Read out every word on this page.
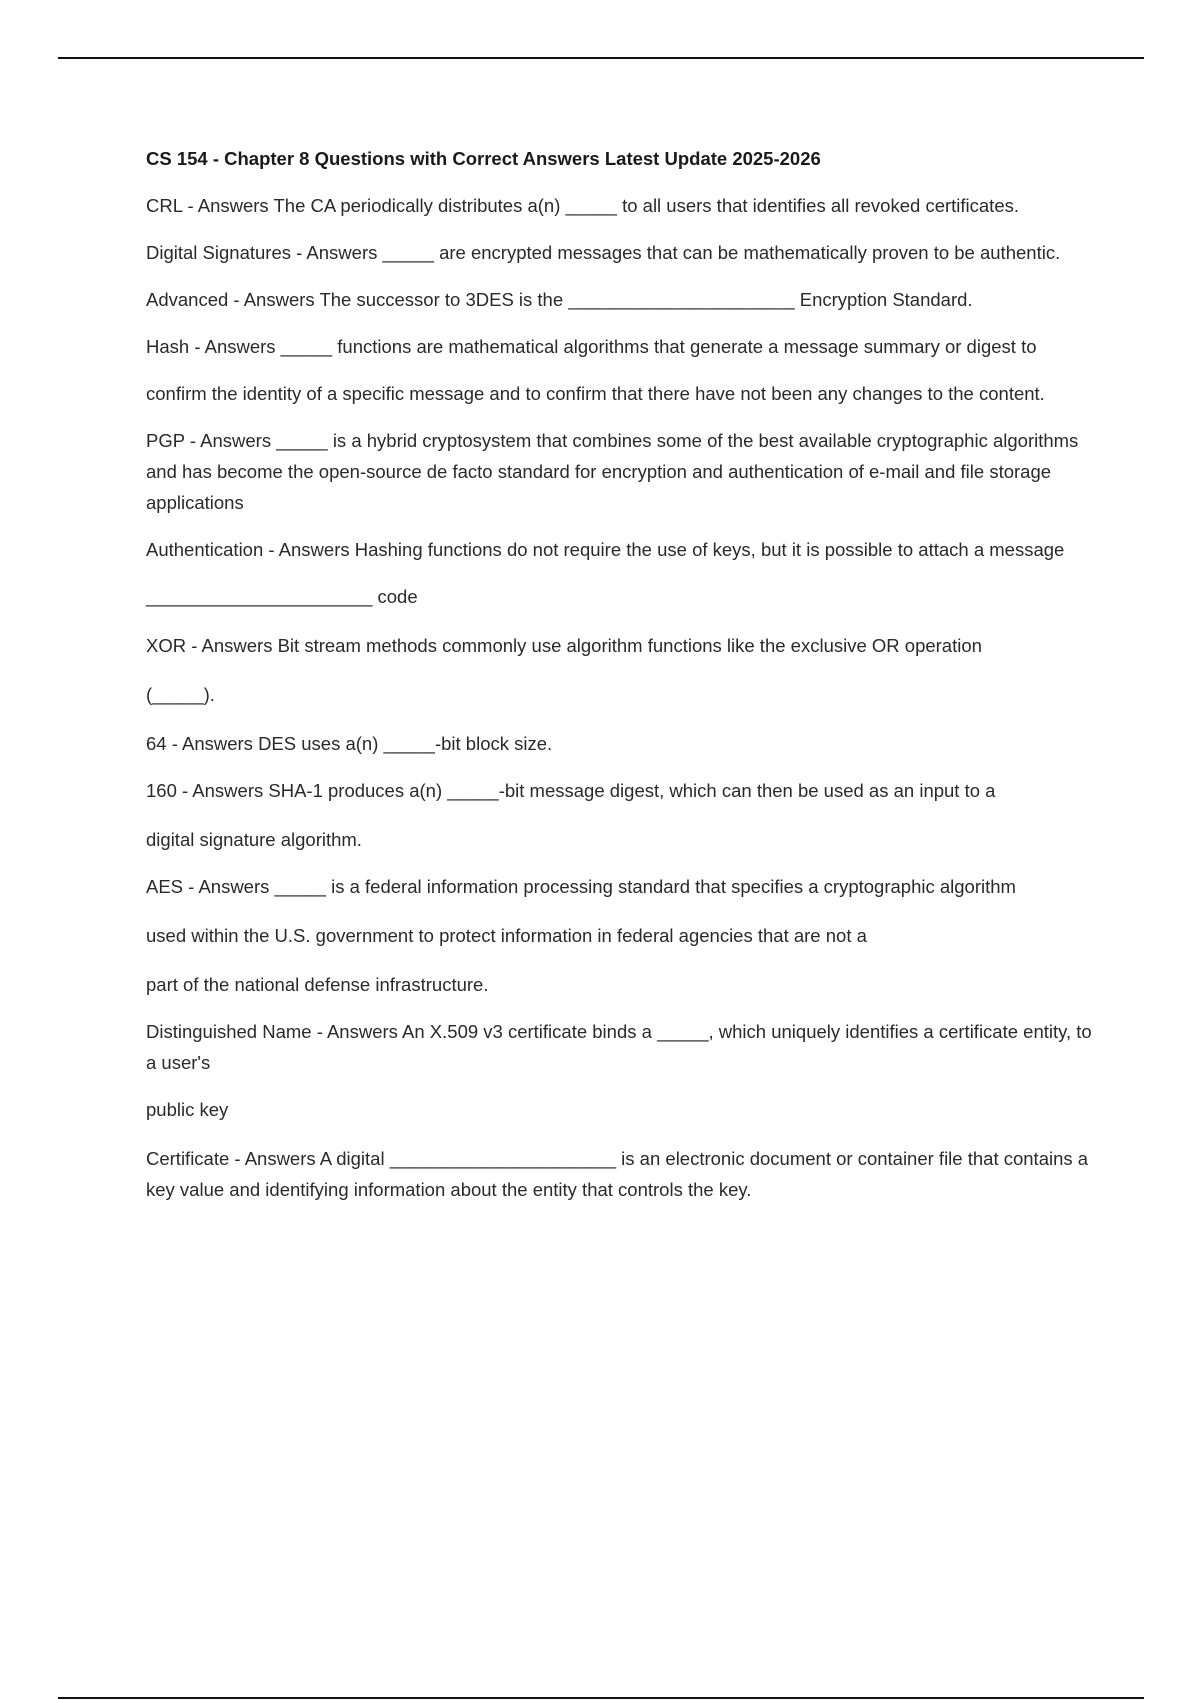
CS 154 - Chapter 8 Questions with Correct Answers Latest Update 2025-2026

CRL - Answers The CA periodically distributes a(n) _____ to all users that identifies all revoked certificates.

Digital Signatures - Answers _____ are encrypted messages that can be mathematically proven to be authentic.

Advanced - Answers The successor to 3DES is the ______________________ Encryption Standard.

Hash - Answers _____ functions are mathematical algorithms that generate a message summary or digest to

confirm the identity of a specific message and to confirm that there have not been any changes to the content.

PGP - Answers _____ is a hybrid cryptosystem that combines some of the best available cryptographic algorithms and has become the open-source de facto standard for encryption and authentication of e-mail and file storage applications

Authentication - Answers Hashing functions do not require the use of keys, but it is possible to attach a message

______________________ code

XOR - Answers Bit stream methods commonly use algorithm functions like the exclusive OR operation

(_____).

64 - Answers DES uses a(n) _____-bit block size.

160 - Answers SHA-1 produces a(n) _____-bit message digest, which can then be used as an input to a

digital signature algorithm.

AES - Answers _____ is a federal information processing standard that specifies a cryptographic algorithm

used within the U.S. government to protect information in federal agencies that are not a

part of the national defense infrastructure.

Distinguished Name - Answers An X.509 v3 certificate binds a _____, which uniquely identifies a certificate entity, to a user's

public key

Certificate - Answers A digital ______________________ is an electronic document or container file that contains a key value and identifying information about the entity that controls the key.
